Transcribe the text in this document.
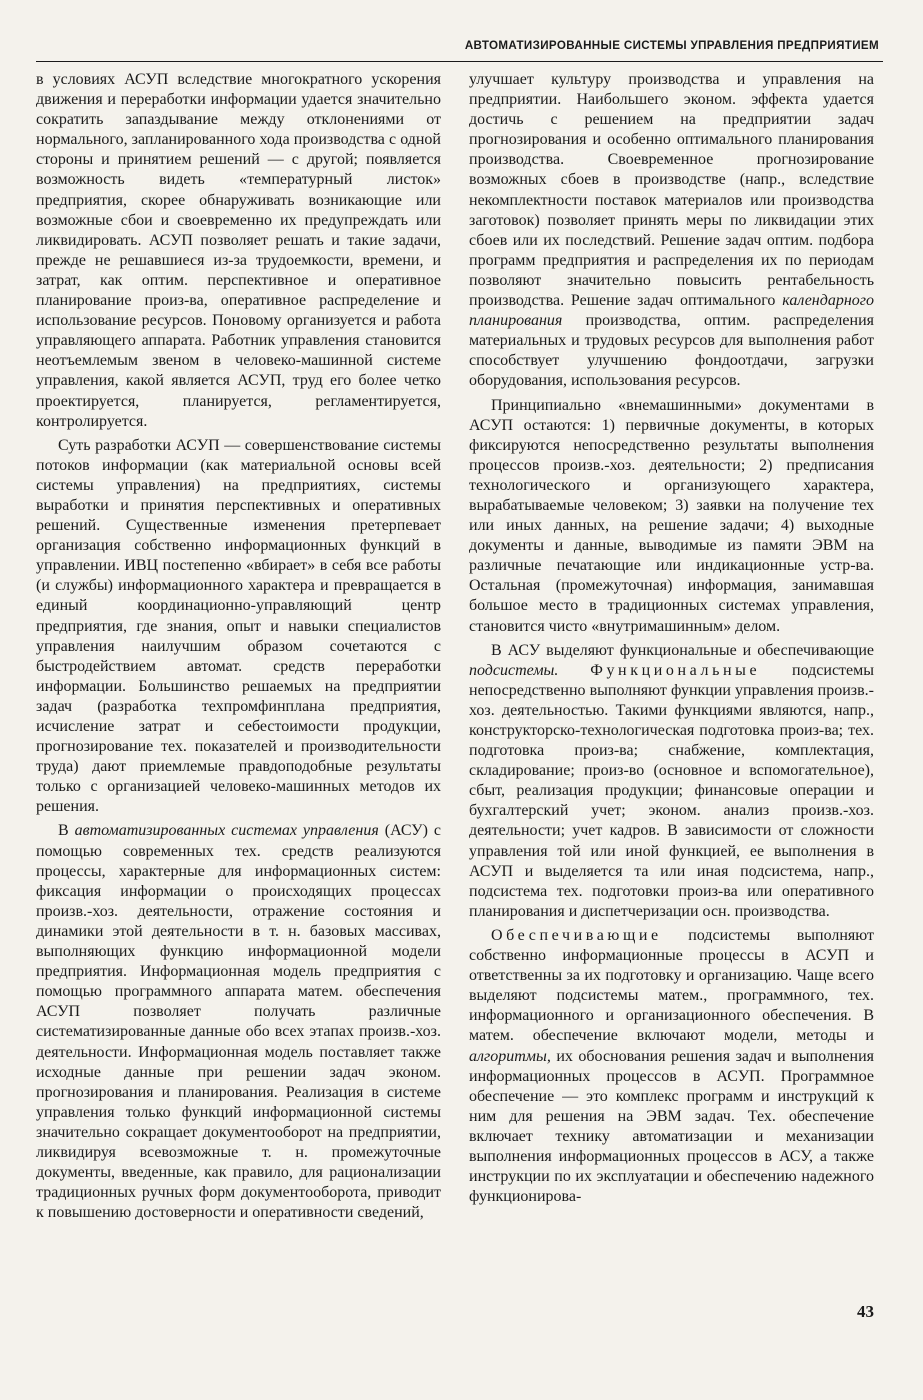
АВТОМАТИЗИРОВАННЫЕ СИСТЕМЫ УПРАВЛЕНИЯ ПРЕДПРИЯТИЕМ

в условиях АСУП вследствие многократного ускорения движения и переработки информации удается значительно сократить запаздывание между отклонениями от нормального, запланированного хода производства с одной стороны и принятием решений — с другой; появляется возможность видеть «температурный листок» предприятия, скорее обнаруживать возникающие или возможные сбои и своевременно их предупреждать или ликвидировать. АСУП позволяет решать и такие задачи, прежде не решавшиеся из-за трудоемкости, времени, и затрат, как оптим. перспективное и оперативное планирование произ-ва, оперативное распределение и использование ресурсов. Поновому организуется и работа управляющего аппарата. Работник управления становится неотъемлемым звеном в человеко-машинной системе управления, какой является АСУП, труд его более четко проектируется, планируется, регламентируется, контролируется.

Суть разработки АСУП — совершенствование системы потоков информации (как материальной основы всей системы управления) на предприятиях, системы выработки и принятия перспективных и оперативных решений. Существенные изменения претерпевает организация собственно информационных функций в управлении. ИВЦ постепенно «вбирает» в себя все работы (и службы) информационного характера и превращается в единый координационно-управляющий центр предприятия, где знания, опыт и навыки специалистов управления наилучшим образом сочетаются с быстродействием автомат. средств переработки информации. Большинство решаемых на предприятии задач (разработка техпромфинплана предприятия, исчисление затрат и себестоимости продукции, прогнозирование тех. показателей и производительности труда) дают приемлемые правдоподобные результаты только с организацией человеко-машинных методов их решения.

В автоматизированных системах управления (АСУ) с помощью современных тех. средств реализуются процессы, характерные для информационных систем: фиксация информации о происходящих процессах произв.-хоз. деятельности, отражение состояния и динамики этой деятельности в т. н. базовых массивах, выполняющих функцию информационной модели предприятия. Информационная модель предприятия с помощью программного аппарата матем. обеспечения АСУП позволяет получать различные систематизированные данные обо всех этапах произв.-хоз. деятельности. Информационная модель поставляет также исходные данные при решении задач эконом. прогнозирования и планирования. Реализация в системе управления только функций информационной системы значительно сокращает документооборот на предприятии, ликвидируя всевозможные т. н. промежуточные документы, введенные, как правило, для рационализации традиционных ручных форм документооборота, приводит к повышению достоверности и оперативности сведений,

улучшает культуру производства и управления на предприятии. Наибольшего эконом. эффекта удается достичь с решением на предприятии задач прогнозирования и особенно оптимального планирования производства. Своевременное прогнозирование возможных сбоев в производстве (напр., вследствие некомплектности поставок материалов или производства заготовок) позволяет принять меры по ликвидации этих сбоев или их последствий. Решение задач оптим. подбора программ предприятия и распределения их по периодам позволяют значительно повысить рентабельность производства. Решение задач оптимального календарного планирования производства, оптим. распределения материальных и трудовых ресурсов для выполнения работ способствует улучшению фондоотдачи, загрузки оборудования, использования ресурсов.

Принципиально «внемашинными» документами в АСУП остаются: 1) первичные документы, в которых фиксируются непосредственно результаты выполнения процессов произв.-хоз. деятельности; 2) предписания технологического и организующего характера, вырабатываемые человеком; 3) заявки на получение тех или иных данных, на решение задачи; 4) выходные документы и данные, выводимые из памяти ЭВМ на различные печатающие или индикационные устр-ва. Остальная (промежуточная) информация, занимавшая большое место в традиционных системах управления, становится чисто «внутримашинным» делом.

В АСУ выделяют функциональные и обеспечивающие подсистемы. Функциональные подсистемы непосредственно выполняют функции управления произв.-хоз. деятельностью. Такими функциями являются, напр., конструкторско-технологическая подготовка произ-ва; тех. подготовка произ-ва; снабжение, комплектация, складирование; произ-во (основное и вспомогательное), сбыт, реализация продукции; финансовые операции и бухгалтерский учет; эконом. анализ произв.-хоз. деятельности; учет кадров. В зависимости от сложности управления той или иной функцией, ее выполнения в АСУП и выделяется та или иная подсистема, напр., подсистема тех. подготовки произ-ва или оперативного планирования и диспетчеризации осн. производства.

Обеспечивающие подсистемы выполняют собственно информационные процессы в АСУП и ответственны за их подготовку и организацию. Чаще всего выделяют подсистемы матем., программного, тех. информационного и организационного обеспечения. В матем. обеспечение включают модели, методы и алгоритмы, их обоснования решения задач и выполнения информационных процессов в АСУП. Программное обеспечение — это комплекс программ и инструкций к ним для решения на ЭВМ задач. Тех. обеспечение включает технику автоматизации и механизации выполнения информационных процессов в АСУ, а также инструкции по их эксплуатации и обеспечению надежного функционирова-

43
